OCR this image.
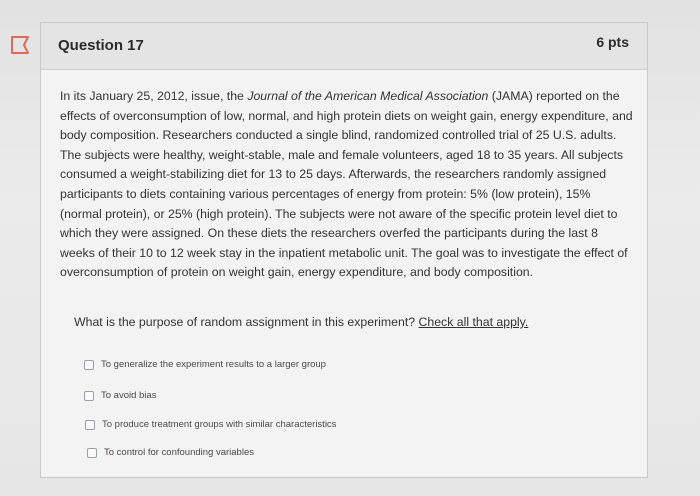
Question 17	6 pts
In its January 25, 2012, issue, the Journal of the American Medical Association (JAMA) reported on the effects of overconsumption of low, normal, and high protein diets on weight gain, energy expenditure, and body composition. Researchers conducted a single blind, randomized controlled trial of 25 U.S. adults. The subjects were healthy, weight-stable, male and female volunteers, aged 18 to 35 years. All subjects consumed a weight-stabilizing diet for 13 to 25 days. Afterwards, the researchers randomly assigned participants to diets containing various percentages of energy from protein: 5% (low protein), 15% (normal protein), or 25% (high protein). The subjects were not aware of the specific protein level diet to which they were assigned. On these diets the researchers overfed the participants during the last 8 weeks of their 10 to 12 week stay in the inpatient metabolic unit. The goal was to investigate the effect of overconsumption of protein on weight gain, energy expenditure, and body composition.
What is the purpose of random assignment in this experiment? Check all that apply.
To generalize the experiment results to a larger group
To avoid bias
To produce treatment groups with similar characteristics
To control for confounding variables
